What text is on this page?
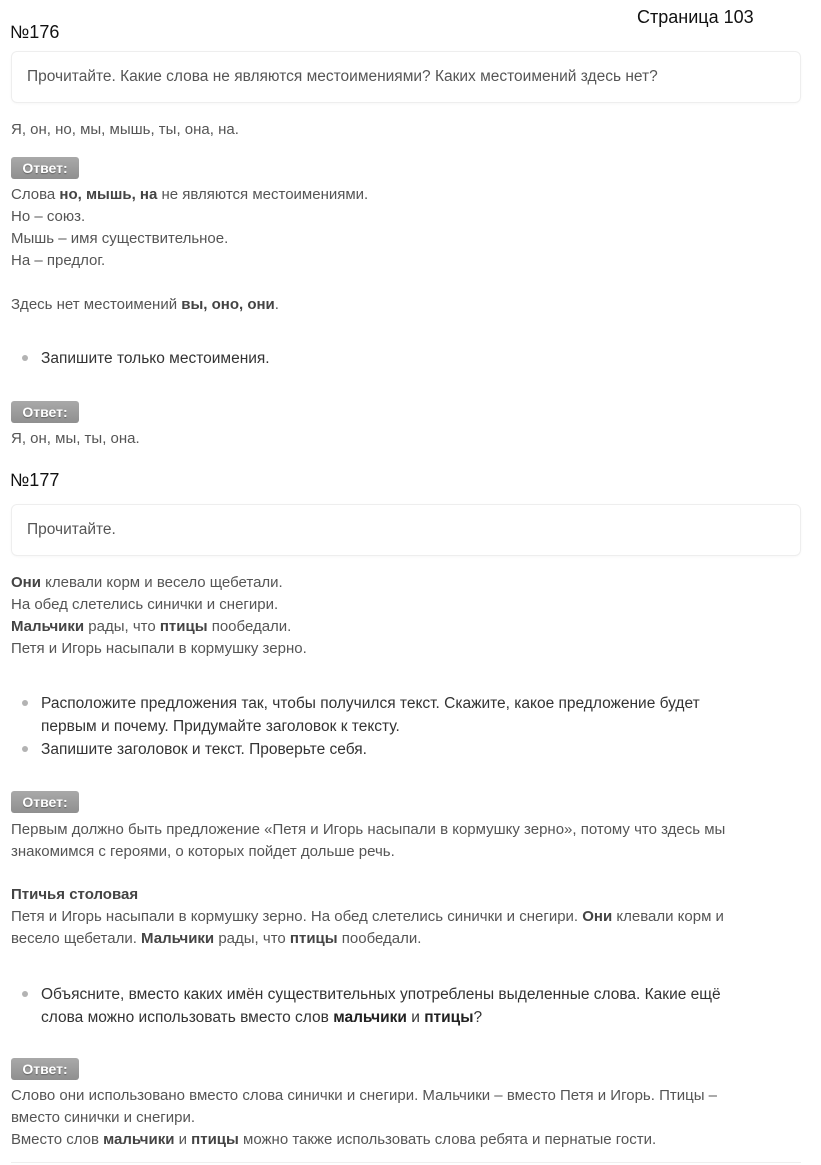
Страница 103
№176
Прочитайте. Какие слова не являются местоимениями? Каких местоимений здесь нет?
Я, он, но, мы, мышь, ты, она, на.
Ответ:
Слова но, мышь, на не являются местоимениями.
Но – союз.
Мышь – имя существительное.
На – предлог.
Здесь нет местоимений вы, оно, они.
Запишите только местоимения.
Ответ:
Я, он, мы, ты, она.
№177
Прочитайте.
Они клевали корм и весело щебетали.
На обед слетелись синички и снегири.
Мальчики рады, что птицы пообедали.
Петя и Игорь насыпали в кормушку зерно.
Расположите предложения так, чтобы получился текст. Скажите, какое предложение будет
первым и почему. Придумайте заголовок к тексту.
Запишите заголовок и текст. Проверьте себя.
Ответ:
Первым должно быть предложение «Петя и Игорь насыпали в кормушку зерно», потому что здесь мы
знакомимся с героями, о которых пойдет дольше речь.
Птичья столовая
Петя и Игорь насыпали в кормушку зерно. На обед слетелись синички и снегири. Они клевали корм и
весело щебетали. Мальчики рады, что птицы пообедали.
Объясните, вместо каких имён существительных употреблены выделенные слова. Какие ещё
слова можно использовать вместо слов мальчики и птицы?
Ответ:
Слово они использовано вместо слова синички и снегири. Мальчики – вместо Петя и Игорь. Птицы –
вместо синички и снегири.
Вместо слов мальчики и птицы можно также использовать слова ребята и пернатые гости.
